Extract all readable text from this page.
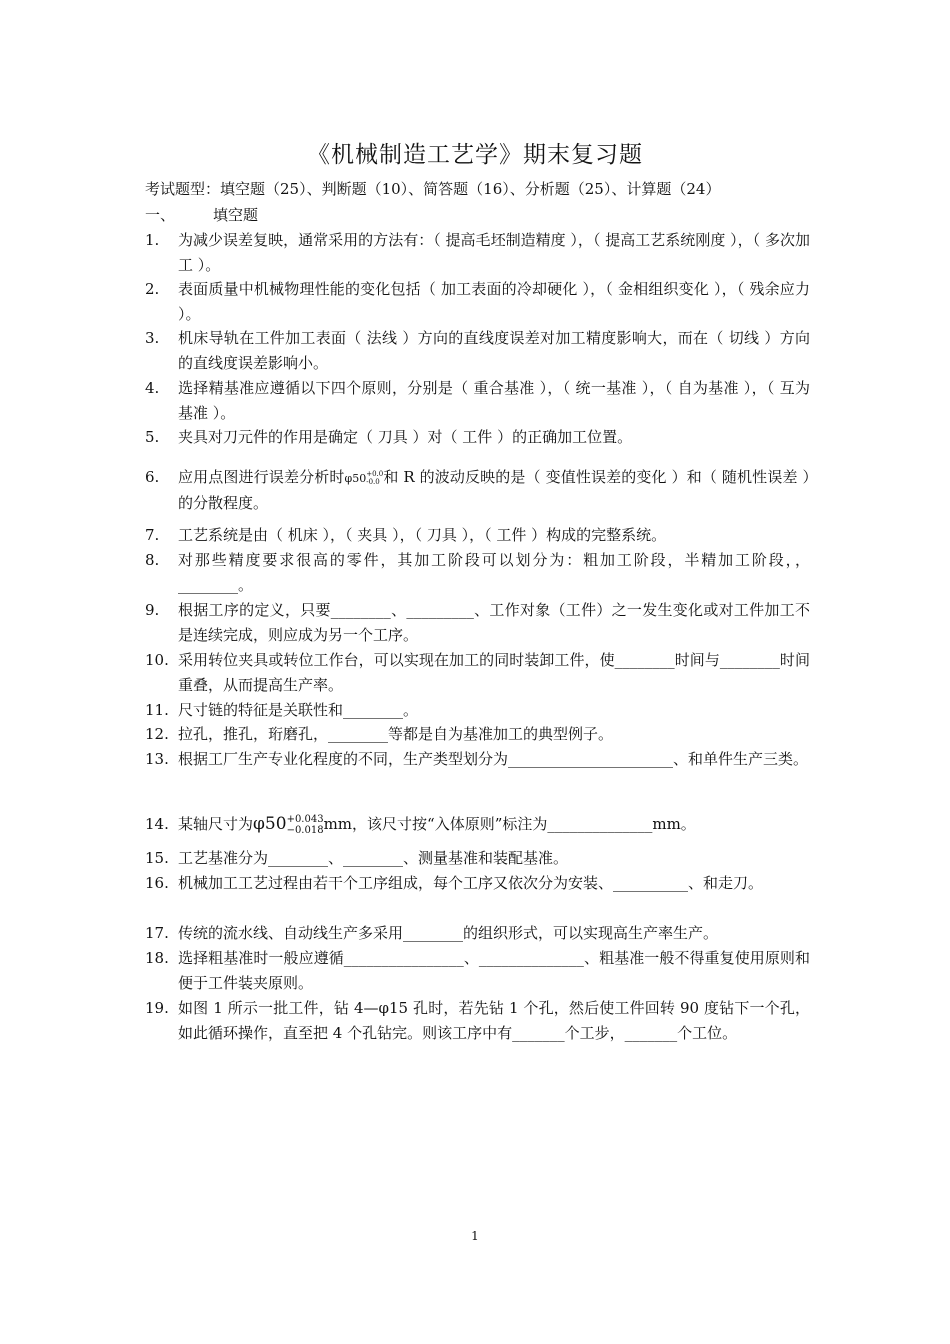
《机械制造工艺学》期末复习题
考试题型：填空题（25）、判断题（10）、简答题（16）、分析题（25）、计算题（24）
一、	填空题
1.	为减少误差复映，通常采用的方法有：（ 提高毛坯制造精度 ），（ 提高工艺系统刚度 ），（ 多次加工 ）。
2.	表面质量中机械物理性能的变化包括（ 加工表面的冷却硬化 ），（ 金相组织变化 ），（ 残余应力 ）。
3.	机床导轨在工件加工表面（ 法线 ）方向的直线度误差对加工精度影响大，而在（ 切线 ）方向的直线度误差影响小。
4.	选择精基准应遵循以下四个原则，分别是（ 重合基准 ），（ 统一基准 ），（ 自为基准 ），（ 互为基准 ）。
5.	夹具对刀元件的作用是确定（ 刀具 ）对（ 工件 ）的正确加工位置。
6.	应用点图进行误差分析时φ50 +0.0
-0.0 和 R 的波动反映的是（ 变值性误差的变化 ）和（ 随机性误差 ）的分散程度。
7.	工艺系统是由（ 机床 ），（ 夹具 ），（ 刀具 ），（ 工件 ）构成的完整系统。
8.	对那些精度要求很高的零件，其加工阶段可以划分为：粗加工阶段，半精加工阶段，，________。
9.	根据工序的定义，只要________、_________、工作对象（工件）之一发生变化或对工件加工不是连续完成，则应成为另一个工序。
10. 采用转位夹具或转位工作台，可以实现在加工的同时装卸工件，使________时间与________时间重叠，从而提高生产率。
11. 尺寸链的特征是关联性和________。
12. 拉孔，推孔，珩磨孔，________等都是自为基准加工的典型例子。
13. 根据工厂生产专业化程度的不同，生产类型划分为______________________、和单件生产三类。
14. 某轴尺寸为φ50 +0.043
−0.018 mm，该尺寸按“入体原则”标注为______________mm。
15. 工艺基准分为________、________、测量基准和装配基准。
16. 机械加工工艺过程由若干个工序组成，每个工序又依次分为安装、__________、和走刀。
17. 传统的流水线、自动线生产多采用________的组织形式，可以实现高生产率生产。
18. 选择粗基准时一般应遵循________________、______________、粗基准一般不得重复使用原则和便于工件装夹原则。
19. 如图 1 所示一批工件，钻 4—φ15 孔时，若先钻 1 个孔，然后使工件回转 90 度钻下一个孔，如此循环操作，直至把 4 个孔钻完。则该工序中有_______个工步，_______个工位。
1
